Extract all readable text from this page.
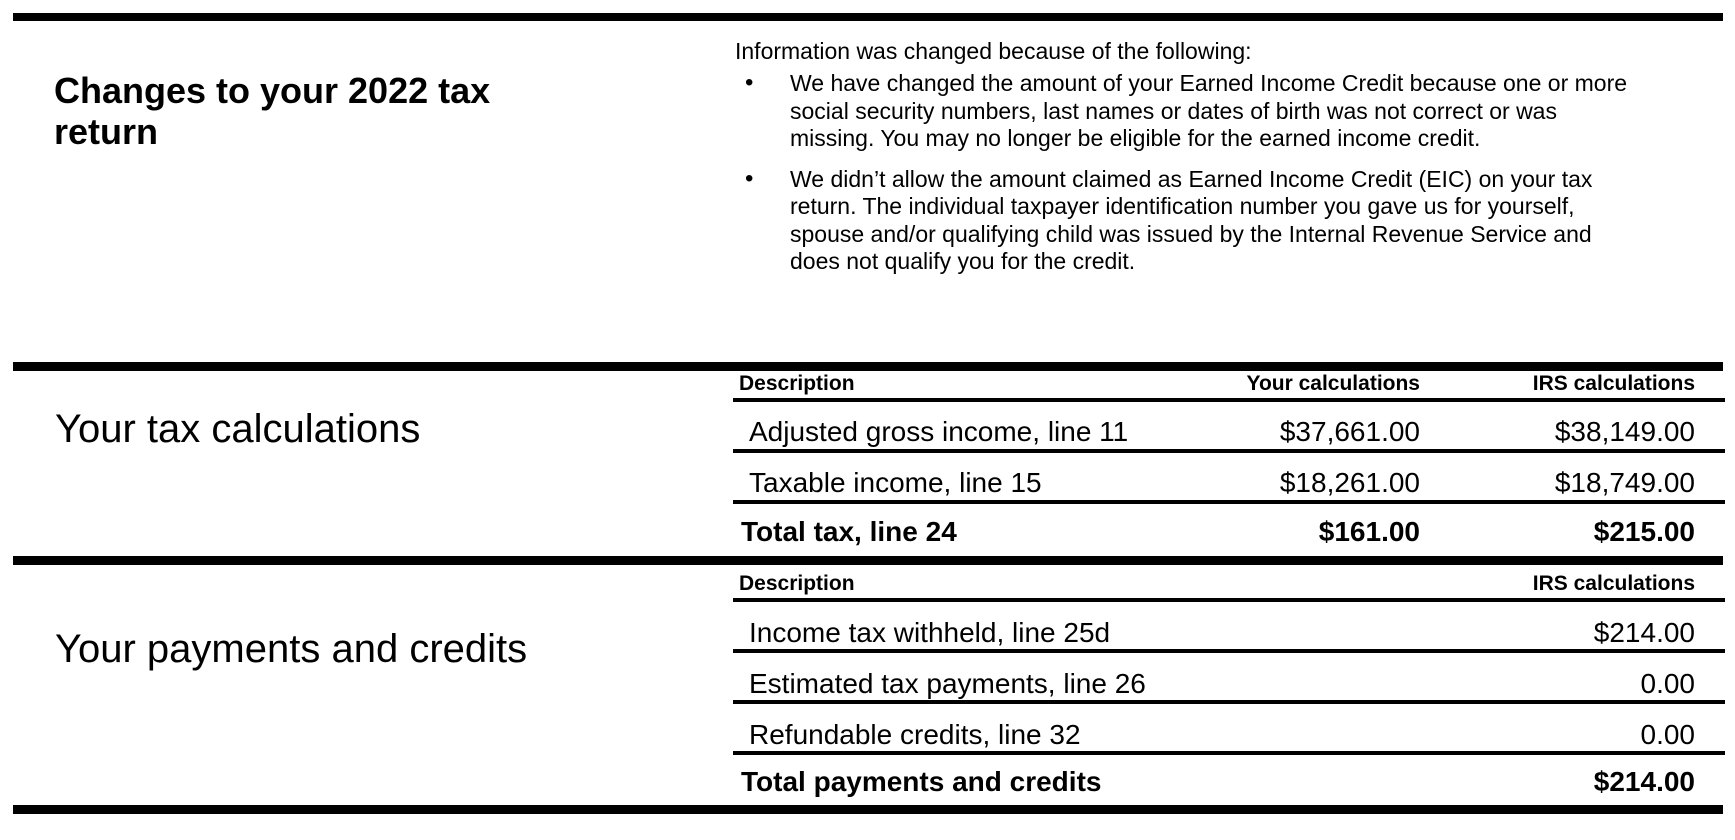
Changes to your 2022 tax return

Information was changed because of the following:

• We have changed the amount of your Earned Income Credit because one or more social security numbers, last names or dates of birth was not correct or was missing. You may no longer be eligible for the earned income credit.
• We didn’t allow the amount claimed as Earned Income Credit (EIC) on your tax return. The individual taxpayer identification number you gave us for yourself, spouse and/or qualifying child was issued by the Internal Revenue Service and does not qualify you for the credit.
Your tax calculations
Description	Your calculations	IRS calculations
Adjusted gross income, line 11	$37,661.00	$38,149.00
Taxable income, line 15	$18,261.00	$18,749.00
Total tax, line 24	$161.00	$215.00
Your payments and credits
Description	IRS calculations
Income tax withheld, line 25d	$214.00
Estimated tax payments, line 26	0.00
Refundable credits, line 32	0.00
Total payments and credits	$214.00
